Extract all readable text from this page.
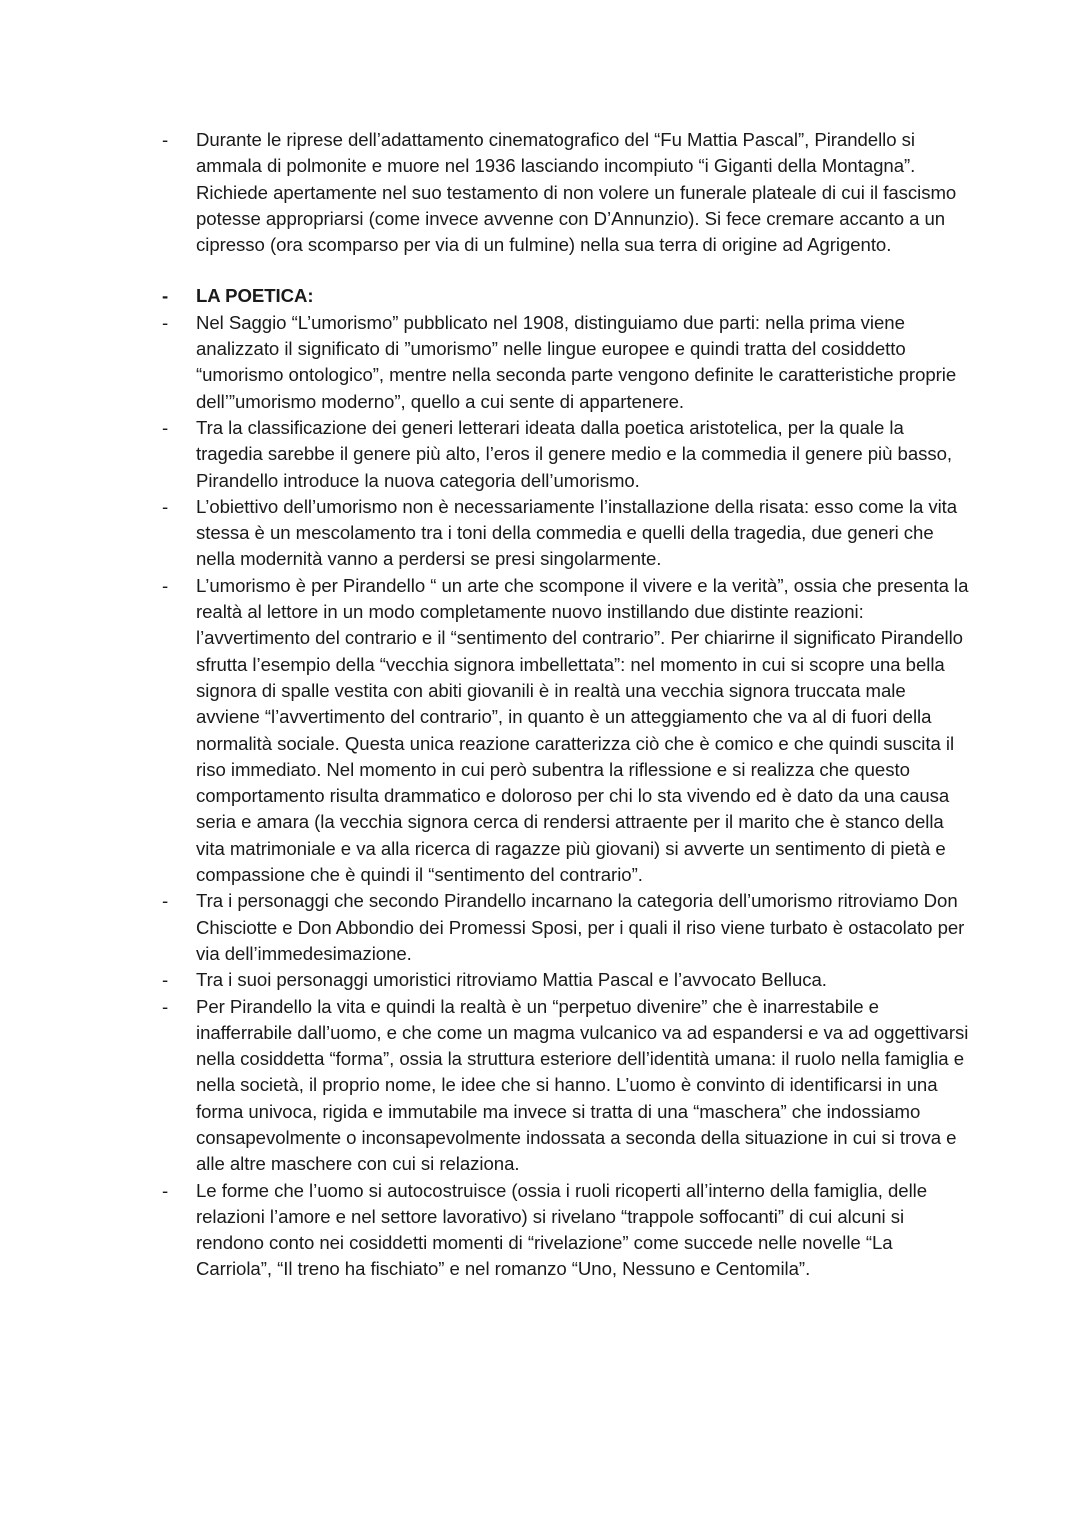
- Durante le riprese dell’adattamento cinematografico del “Fu Mattia Pascal”, Pirandello si ammala di polmonite e muore nel 1936 lasciando incompiuto “i Giganti della Montagna”. Richiede apertamente nel suo testamento di non volere un funerale plateale di cui il fascismo potesse appropriarsi (come invece avvenne con D’Annunzio). Si fece cremare accanto a un cipresso (ora scomparso per via di un fulmine) nella sua terra di origine ad Agrigento.
- LA POETICA:
- Nel Saggio “L’umorismo” pubblicato nel 1908, distinguiamo due parti: nella prima viene analizzato il significato di ”umorismo” nelle lingue europee e quindi tratta del cosiddetto “umorismo ontologico”, mentre nella seconda parte vengono definite le caratteristiche proprie dell’”umorismo moderno”, quello a cui sente di appartenere.
- Tra la classificazione dei generi letterari ideata dalla poetica aristotelica, per la quale la tragedia sarebbe il genere più alto, l’eros il genere medio e la commedia il genere più basso, Pirandello introduce la nuova categoria dell’umorismo.
- L’obiettivo dell’umorismo non è necessariamente l’installazione della risata: esso come la vita stessa è un mescolamento tra i toni della commedia e quelli della tragedia, due generi che nella modernità vanno a perdersi se presi singolarmente.
- L’umorismo è per Pirandello “ un arte che scompone il vivere e la verità”, ossia che presenta la realtà al lettore in un modo completamente nuovo instillando due distinte reazioni: l’avvertimento del contrario e il “sentimento del contrario”. Per chiarirne il significato Pirandello sfrutta l’esempio della “vecchia signora imbellettata”: nel momento in cui si scopre una bella signora di spalle vestita con abiti giovanili è in realtà una vecchia signora truccata male avviene “l’avvertimento del contrario”, in quanto è un atteggiamento che va al di fuori della normalità sociale. Questa unica reazione caratterizza ciò che è comico e che quindi suscita il riso immediato. Nel momento in cui però subentra la riflessione e si realizza che questo comportamento risulta drammatico e doloroso per chi lo sta vivendo ed è dato da una causa seria e amara (la vecchia signora cerca di rendersi attraente per il marito che è stanco della vita matrimoniale e va alla ricerca di ragazze più giovani) si avverte un sentimento di pietà e compassione che è quindi il “sentimento del contrario”.
- Tra i personaggi che secondo Pirandello incarnano la categoria dell’umorismo ritroviamo Don Chisciotte e Don Abbondio dei Promessi Sposi, per i quali il riso viene turbato è ostacolato per via dell’immedesimazione.
- Tra i suoi personaggi umoristici ritroviamo Mattia Pascal e l’avvocato Belluca.
- Per Pirandello la vita e quindi la realtà è un “perpetuo divenire” che è inarrestabile e inafferrabile dall’uomo, e che come un magma vulcanico va ad espandersi e va ad oggettivarsi nella cosiddetta “forma”, ossia la struttura esteriore dell’identità umana: il ruolo nella famiglia e nella società, il proprio nome, le idee che si hanno. L’uomo è convinto di identificarsi in una forma univoca, rigida e immutabile ma invece si tratta di una “maschera” che indossiamo consapevolmente o inconsapevolmente indossata a seconda della situazione in cui si trova e alle altre maschere con cui si relaziona.
- Le forme che l’uomo si autocostruisce (ossia i ruoli ricoperti all’interno della famiglia, delle relazioni l’amore e nel settore lavorativo) si rivelano “trappole soffocanti” di cui alcuni si rendono conto nei cosiddetti momenti di “rivelazione” come succede nelle novelle “La Carriola”, “Il treno ha fischiato” e nel romanzo “Uno, Nessuno e Centomila”.
